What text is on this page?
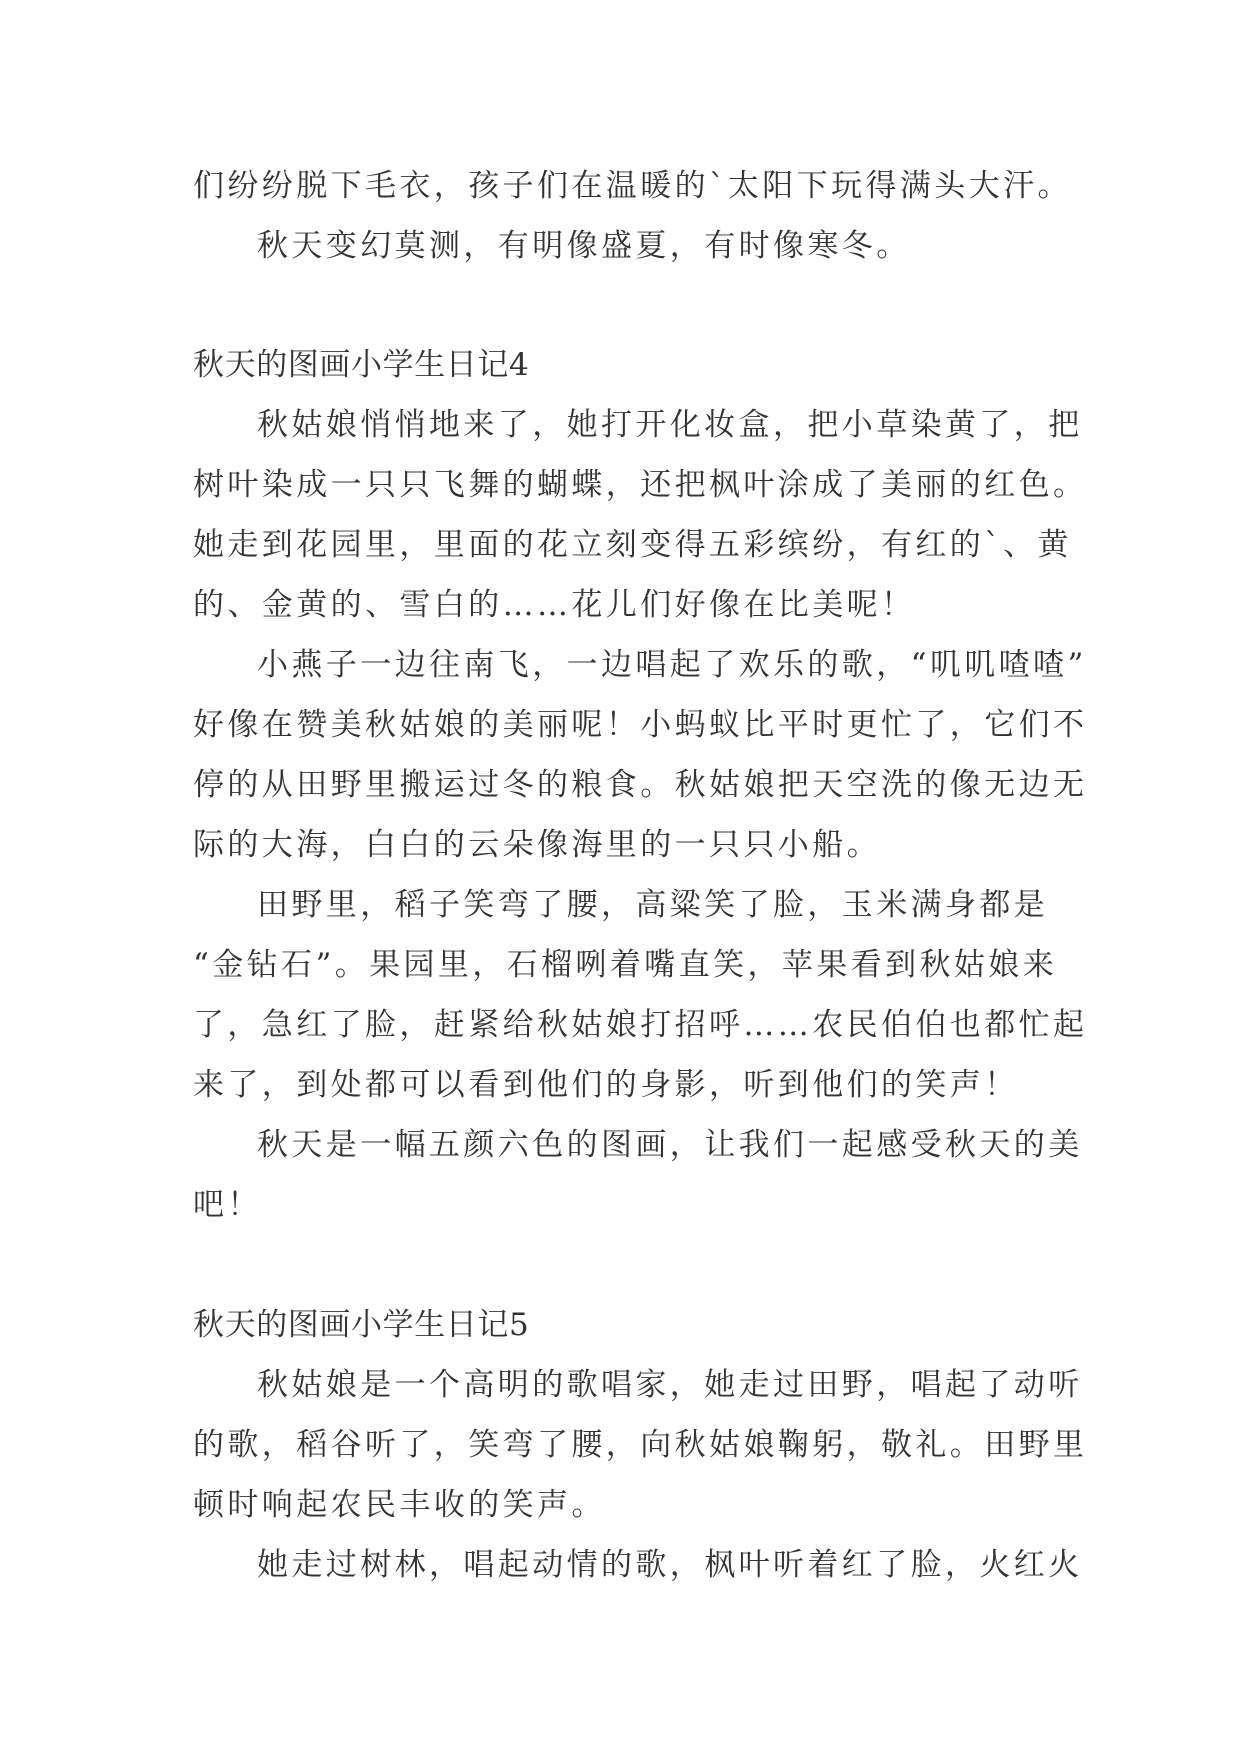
们纷纷脱下毛衣，孩子们在温暖的`太阳下玩得满头大汗。
秋天变幻莫测，有明像盛夏，有时像寒冬。
秋天的图画小学生日记4
秋姑娘悄悄地来了，她打开化妆盒，把小草染黄了，把
树叶染成一只只飞舞的蝴蝶，还把枫叶涂成了美丽的红色。
她走到花园里，里面的花立刻变得五彩缤纷，有红的`、黄
的、金黄的、雪白的……花儿们好像在比美呢！
小燕子一边往南飞，一边唱起了欢乐的歌，“叽叽喳喳”
好像在赞美秋姑娘的美丽呢！小蚂蚁比平时更忙了，它们不
停的从田野里搬运过冬的粮食。秋姑娘把天空洗的像无边无
际的大海，白白的云朵像海里的一只只小船。
田野里，稻子笑弯了腰，高粱笑了脸，玉米满身都是
“金钻石”。果园里，石榴咧着嘴直笑，苹果看到秋姑娘来
了，急红了脸，赶紧给秋姑娘打招呼……农民伯伯也都忙起
来了，到处都可以看到他们的身影，听到他们的笑声！
秋天是一幅五颜六色的图画，让我们一起感受秋天的美
吧！
秋天的图画小学生日记5
秋姑娘是一个高明的歌唱家，她走过田野，唱起了动听
的歌，稻谷听了，笑弯了腰，向秋姑娘鞠躬，敬礼。田野里
顿时响起农民丰收的笑声。
她走过树林，唱起动情的歌，枫叶听着红了脸，火红火
